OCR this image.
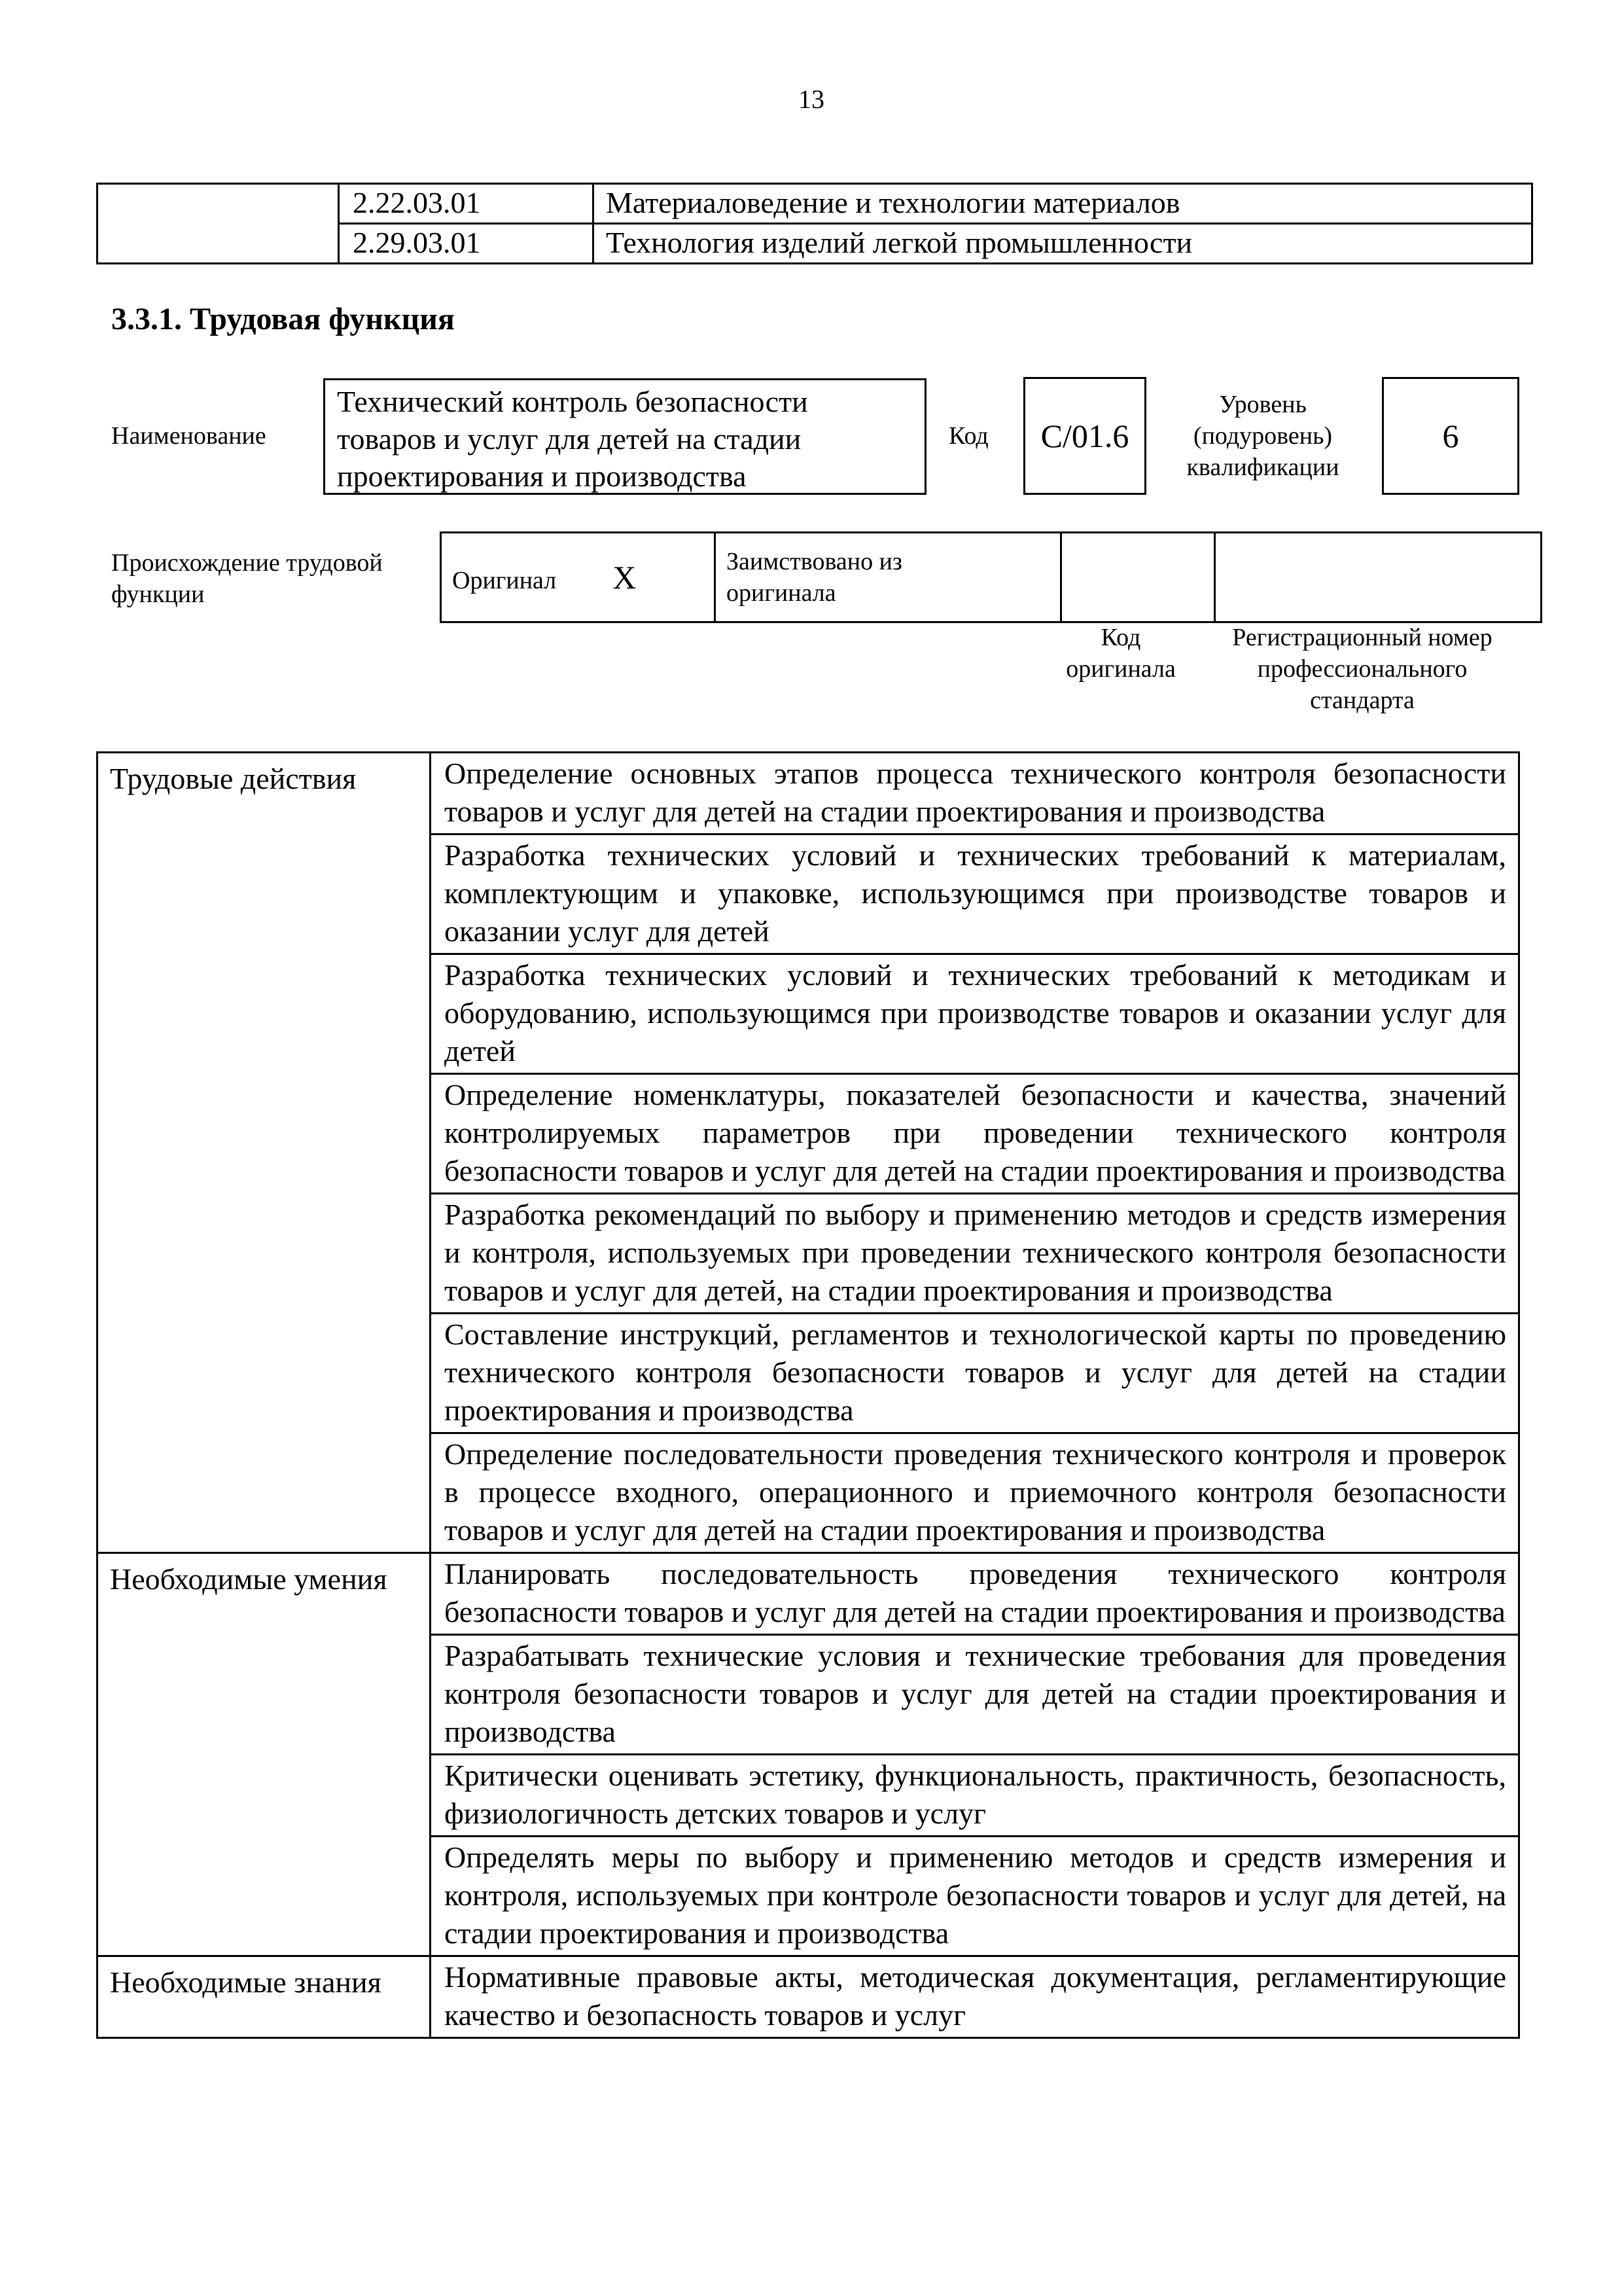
13
	2.22.03.01	Материаловедение и технологии материалов
	2.29.03.01	Технология изделий легкой промышленности
3.3.1. Трудовая функция
Наименование
Технический контроль безопасности
товаров и услуг для детей на стадии
проектирования и производства
Код	С/01.6
Уровень
(подуровень)
квалификации
6
Происхождение трудовой
функции	Оригинал X	Заимствовано из
оригинала

Код
оригинала
Регистрационный номер
профессионального
стандарта
Трудовые действия	Определение основных этапов процесса технического контроля безопасности товаров и услуг для детей на стадии проектирования и производства
	Разработка технических условий и технических требований к материалам, комплектующим и упаковке, использующимся при производстве товаров и оказании услуг для детей
	Разработка технических условий и технических требований к методикам и оборудованию, использующимся при производстве товаров и оказании услуг для детей
	Определение номенклатуры, показателей безопасности и качества, значений контролируемых параметров при проведении технического контроля безопасности товаров и услуг для детей на стадии проектирования и производства
	Разработка рекомендаций по выбору и применению методов и средств измерения и контроля, используемых при проведении технического контроля безопасности товаров и услуг для детей, на стадии проектирования и производства
	Составление инструкций, регламентов и технологической карты по проведению технического контроля безопасности товаров и услуг для детей на стадии проектирования и производства
	Определение последовательности проведения технического контроля и проверок в процессе входного, операционного и приемочного контроля безопасности товаров и услуг для детей на стадии проектирования и производства
Необходимые умения	Планировать последовательность проведения технического контроля безопасности товаров и услуг для детей на стадии проектирования и производства
	Разрабатывать технические условия и технические требования для проведения контроля безопасности товаров и услуг для детей на стадии проектирования и производства
	Критически оценивать эстетику, функциональность, практичность, безопасность, физиологичность детских товаров и услуг
	Определять меры по выбору и применению методов и средств измерения и контроля, используемых при контроле безопасности товаров и услуг для детей, на стадии проектирования и производства
Необходимые знания	Нормативные правовые акты, методическая документация, регламентирующие качество и безопасность товаров и услуг
